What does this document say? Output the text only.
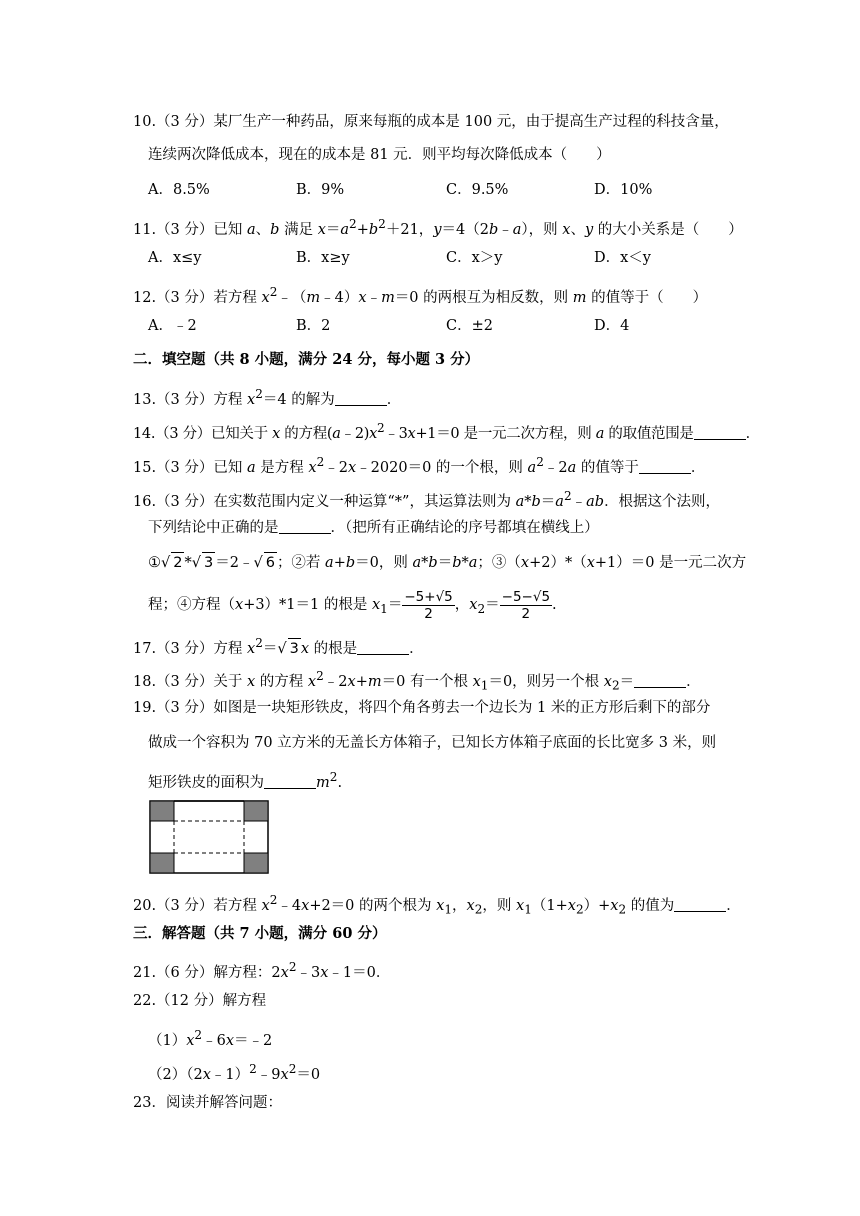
10.（3 分）某厂生产一种药品，原来每瓶的成本是 100 元，由于提高生产过程的科技含量，
连续两次降低成本，现在的成本是 81 元．则平均每次降低成本（　　）
A．8.5%	B．9%	C．9.5%	D．10%
11.（3 分）已知 a、b 满足 $x=a^2+b^2+21$，y＝4（2b﹣a），则 x、y 的大小关系是（　　）
A．x≤y	B．x≥y	C．x＞y	D．x＜y
12.（3 分）若方程 $x^2﹣(m﹣4)x﹣m=0$ 的两根互为相反数，则 m 的值等于（　　）
A．﹣2	B．2	C．±2	D．4
二．填空题（共 8 小题，满分 24 分，每小题 3 分）
13.（3 分）方程 $x^2=4$ 的解为	．
14.（3 分）已知关于 x 的方程$(a﹣2)x^2﹣3x+1=0$ 是一元二次方程，则 a 的取值范围是	．
15.（3 分）已知 a 是方程 $x^2﹣2x﹣2020=0$ 的一个根，则 $a^2﹣2a$ 的值等于	．
16.（3 分）在实数范围内定义一种运算“*”，其运算法则为 $a*b=a^2﹣ab$．根据这个法则，
下列结论中正确的是	．（把所有正确结论的序号都填在横线上）
①√ 2 *√ 3 ＝2﹣√ 6 ；②若 a+b＝0，则 a*b＝b*a；③（x+2）*（x+1）＝0 是一元二次方
程；④方程（x+3）*1＝1 的根是 $x_1= \frac{-5+√5}{2}$ ，$x_2= \frac{-5-√5}{2}$ .
17.（3 分）方程 $x^2=√$ 3 x 的根是	．
18.（3 分）关于 x 的方程 $x^2﹣2x+m=0$ 有一个根 $x_1=0$，则另一个根 $x_2=$	．
19.（3 分）如图是一块矩形铁皮，将四个角各剪去一个边长为 1 米的正方形后剩下的部分
做成一个容积为 70 立方米的无盖长方体箱子，已知长方体箱子底面的长比宽多 3 米，则
矩形铁皮的面积为	$m^2$.
20.（3 分）若方程 $x^2﹣4x+2=0$ 的两个根为 $x_1$，$x_2$，则 $x_1(1+x_2)+x_2$ 的值为	．
三．解答题（共 7 小题，满分 60 分）
21.（6 分）解方程：$2x^2﹣3x﹣1=0$．
22.（12 分）解方程
$(1)x^2﹣6x=﹣2$
$(2)(2x﹣1)^2﹣9x^2=0$
23．阅读并解答问题：
